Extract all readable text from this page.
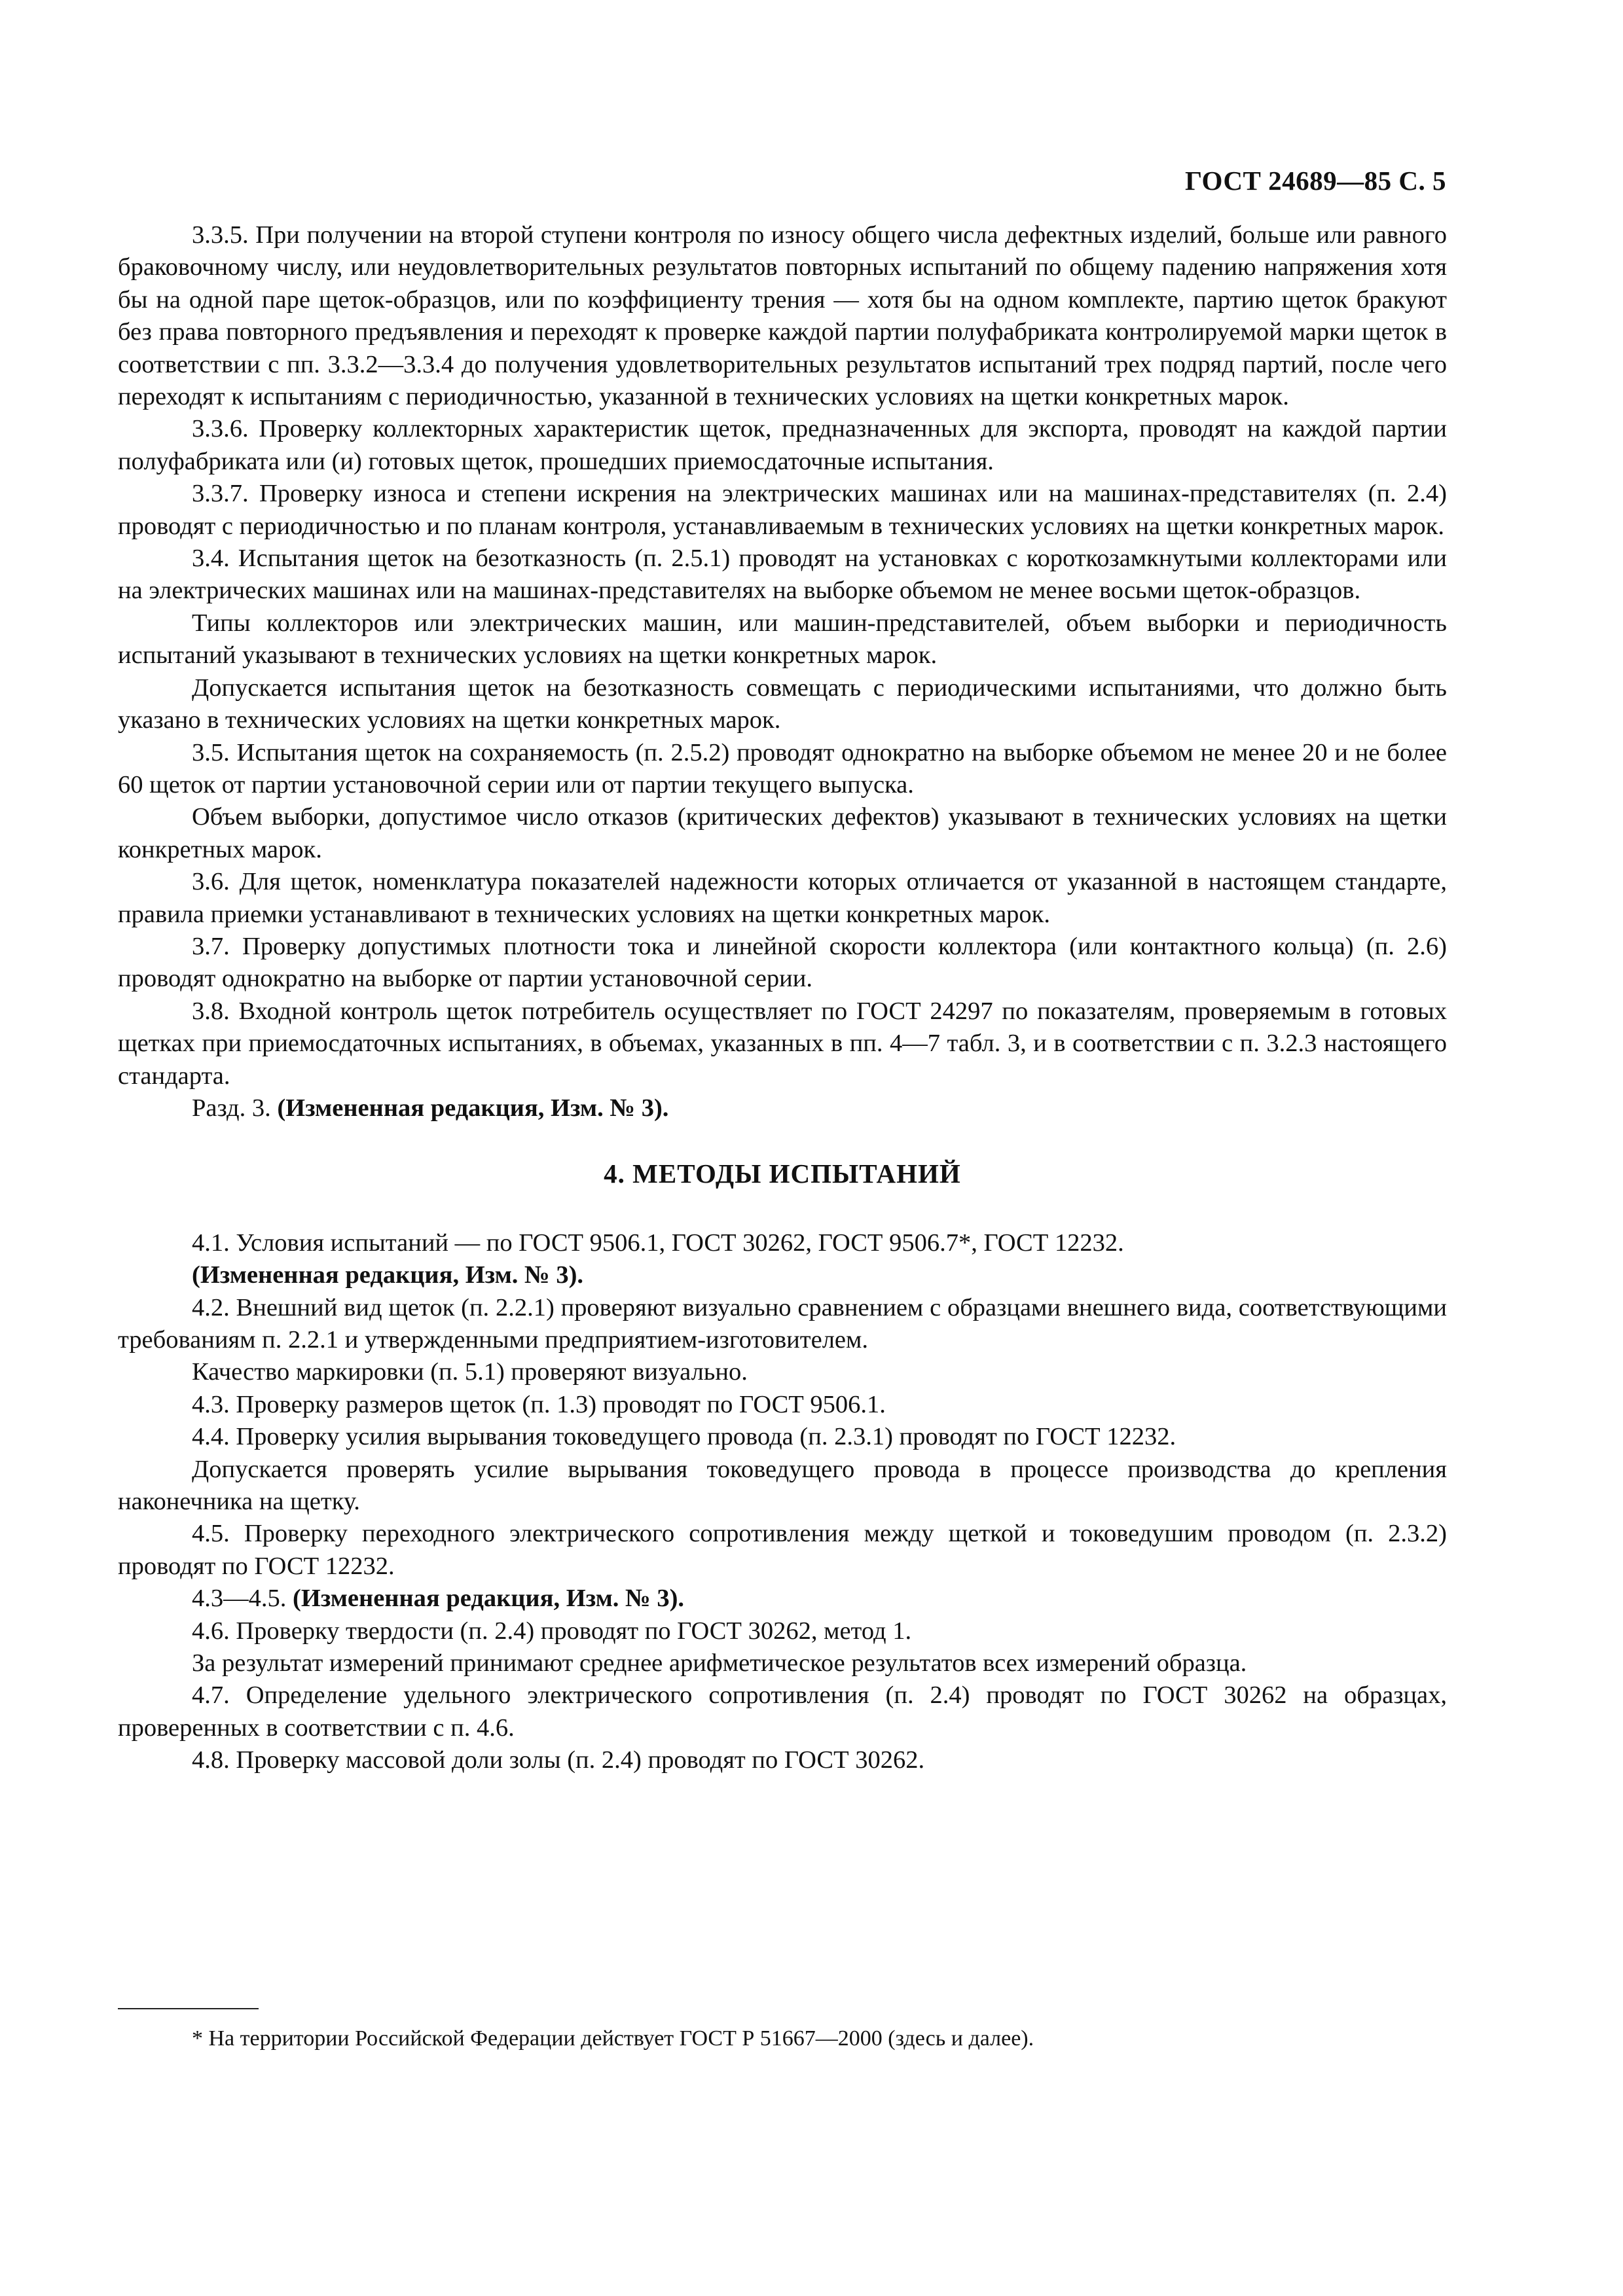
ГОСТ 24689—85 С. 5

3.3.5. При получении на второй ступени контроля по износу общего числа дефектных изделий, больше или равного браковочному числу, или неудовлетворительных результатов повторных испытаний по общему падению напряжения хотя бы на одной паре щеток-образцов, или по коэффициенту трения — хотя бы на одном комплекте, партию щеток бракуют без права повторного предъявления и переходят к проверке каждой партии полуфабриката контролируемой марки щеток в соответствии с пп. 3.3.2—3.3.4 до получения удовлетворительных результатов испытаний трех подряд партий, после чего переходят к испытаниям с периодичностью, указанной в технических условиях на щетки конкретных марок.

3.3.6. Проверку коллекторных характеристик щеток, предназначенных для экспорта, проводят на каждой партии полуфабриката или (и) готовых щеток, прошедших приемосдаточные испытания.

3.3.7. Проверку износа и степени искрения на электрических машинах или на машинах-представителях (п. 2.4) проводят с периодичностью и по планам контроля, устанавливаемым в технических условиях на щетки конкретных марок.

3.4. Испытания щеток на безотказность (п. 2.5.1) проводят на установках с короткозамкнутыми коллекторами или на электрических машинах или на машинах-представителях на выборке объемом не менее восьми щеток-образцов.

Типы коллекторов или электрических машин, или машин-представителей, объем выборки и периодичность испытаний указывают в технических условиях на щетки конкретных марок.

Допускается испытания щеток на безотказность совмещать с периодическими испытаниями, что должно быть указано в технических условиях на щетки конкретных марок.

3.5. Испытания щеток на сохраняемость (п. 2.5.2) проводят однократно на выборке объемом не менее 20 и не более 60 щеток от партии установочной серии или от партии текущего выпуска.

Объем выборки, допустимое число отказов (критических дефектов) указывают в технических условиях на щетки конкретных марок.

3.6. Для щеток, номенклатура показателей надежности которых отличается от указанной в настоящем стандарте, правила приемки устанавливают в технических условиях на щетки конкретных марок.

3.7. Проверку допустимых плотности тока и линейной скорости коллектора (или контактного кольца) (п. 2.6) проводят однократно на выборке от партии установочной серии.

3.8. Входной контроль щеток потребитель осуществляет по ГОСТ 24297 по показателям, проверяемым в готовых щетках при приемосдаточных испытаниях, в объемах, указанных в пп. 4—7 табл. 3, и в соответствии с п. 3.2.3 настоящего стандарта.

Разд. 3. (Измененная редакция, Изм. № 3).

4. МЕТОДЫ ИСПЫТАНИЙ

4.1. Условия испытаний — по ГОСТ 9506.1, ГОСТ 30262, ГОСТ 9506.7*, ГОСТ 12232.

(Измененная редакция, Изм. № 3).

4.2. Внешний вид щеток (п. 2.2.1) проверяют визуально сравнением с образцами внешнего вида, соответствующими требованиям п. 2.2.1 и утвержденными предприятием-изготовителем.

Качество маркировки (п. 5.1) проверяют визуально.

4.3. Проверку размеров щеток (п. 1.3) проводят по ГОСТ 9506.1.

4.4. Проверку усилия вырывания токоведущего провода (п. 2.3.1) проводят по ГОСТ 12232.

Допускается проверять усилие вырывания токоведущего провода в процессе производства до крепления наконечника на щетку.

4.5. Проверку переходного электрического сопротивления между щеткой и токоведушим проводом (п. 2.3.2) проводят по ГОСТ 12232.

4.3—4.5. (Измененная редакция, Изм. № 3).

4.6. Проверку твердости (п. 2.4) проводят по ГОСТ 30262, метод 1.

За результат измерений принимают среднее арифметическое результатов всех измерений образца.

4.7. Определение удельного электрического сопротивления (п. 2.4) проводят по ГОСТ 30262 на образцах, проверенных в соответствии с п. 4.6.

4.8. Проверку массовой доли золы (п. 2.4) проводят по ГОСТ 30262.

* На территории Российской Федерации действует ГОСТ Р 51667—2000 (здесь и далее).
